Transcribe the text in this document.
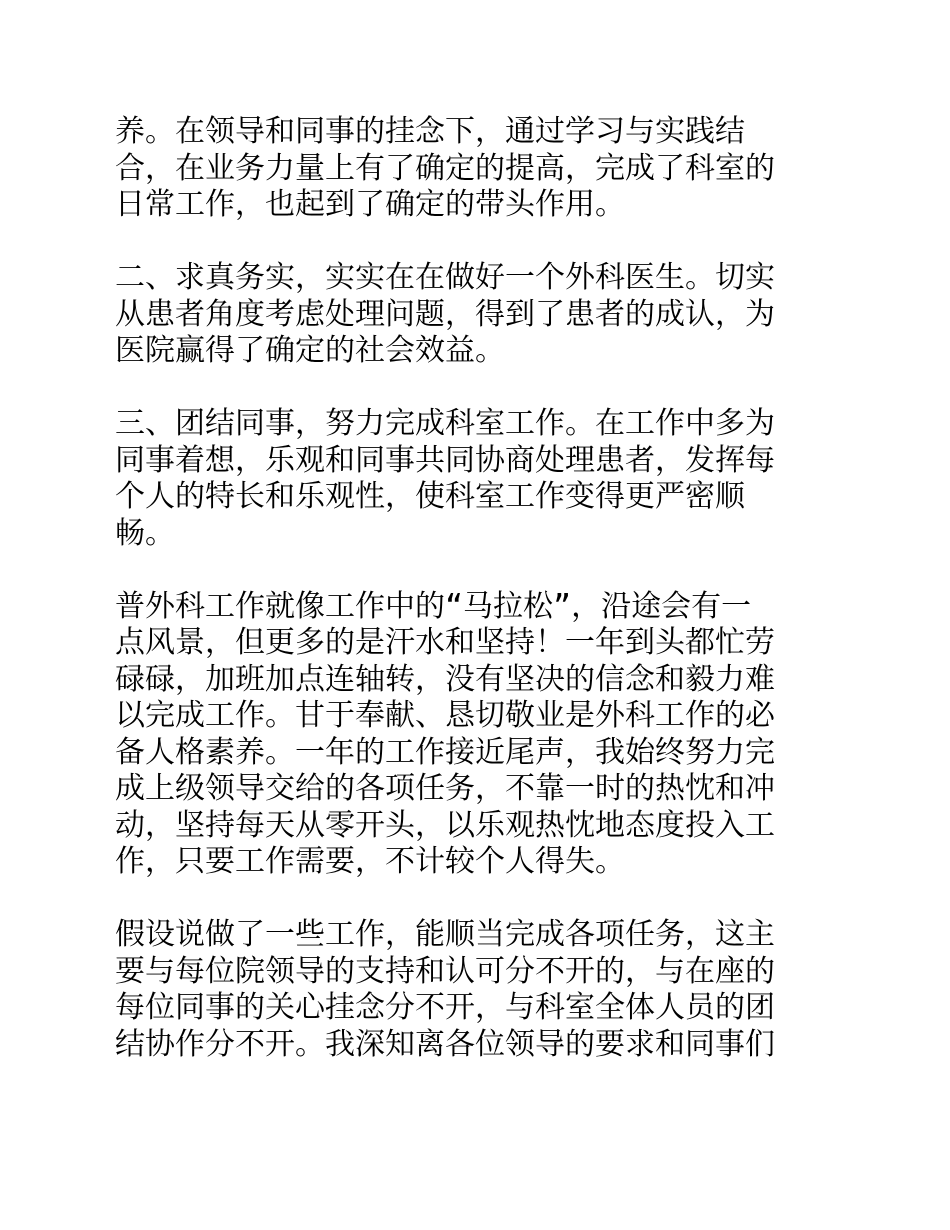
养。在领导和同事的挂念下，通过学习与实践结
合，在业务力量上有了确定的提高，完成了科室的
日常工作，也起到了确定的带头作用。

二、求真务实，实实在在做好一个外科医生。切实
从患者角度考虑处理问题，得到了患者的成认，为
医院赢得了确定的社会效益。

三、团结同事，努力完成科室工作。在工作中多为
同事着想，乐观和同事共同协商处理患者，发挥每
个人的特长和乐观性，使科室工作变得更严密顺
畅。

普外科工作就像工作中的“马拉松”，沿途会有一
点风景，但更多的是汗水和坚持！一年到头都忙劳
碌碌，加班加点连轴转，没有坚决的信念和毅力难
以完成工作。甘于奉献、恳切敬业是外科工作的必
备人格素养。一年的工作接近尾声，我始终努力完
成上级领导交给的各项任务，不靠一时的热忱和冲
动，坚持每天从零开头，以乐观热忱地态度投入工
作，只要工作需要，不计较个人得失。

假设说做了一些工作，能顺当完成各项任务，这主
要与每位院领导的支持和认可分不开的，与在座的
每位同事的关心挂念分不开，与科室全体人员的团
结协作分不开。我深知离各位领导的要求和同事们
